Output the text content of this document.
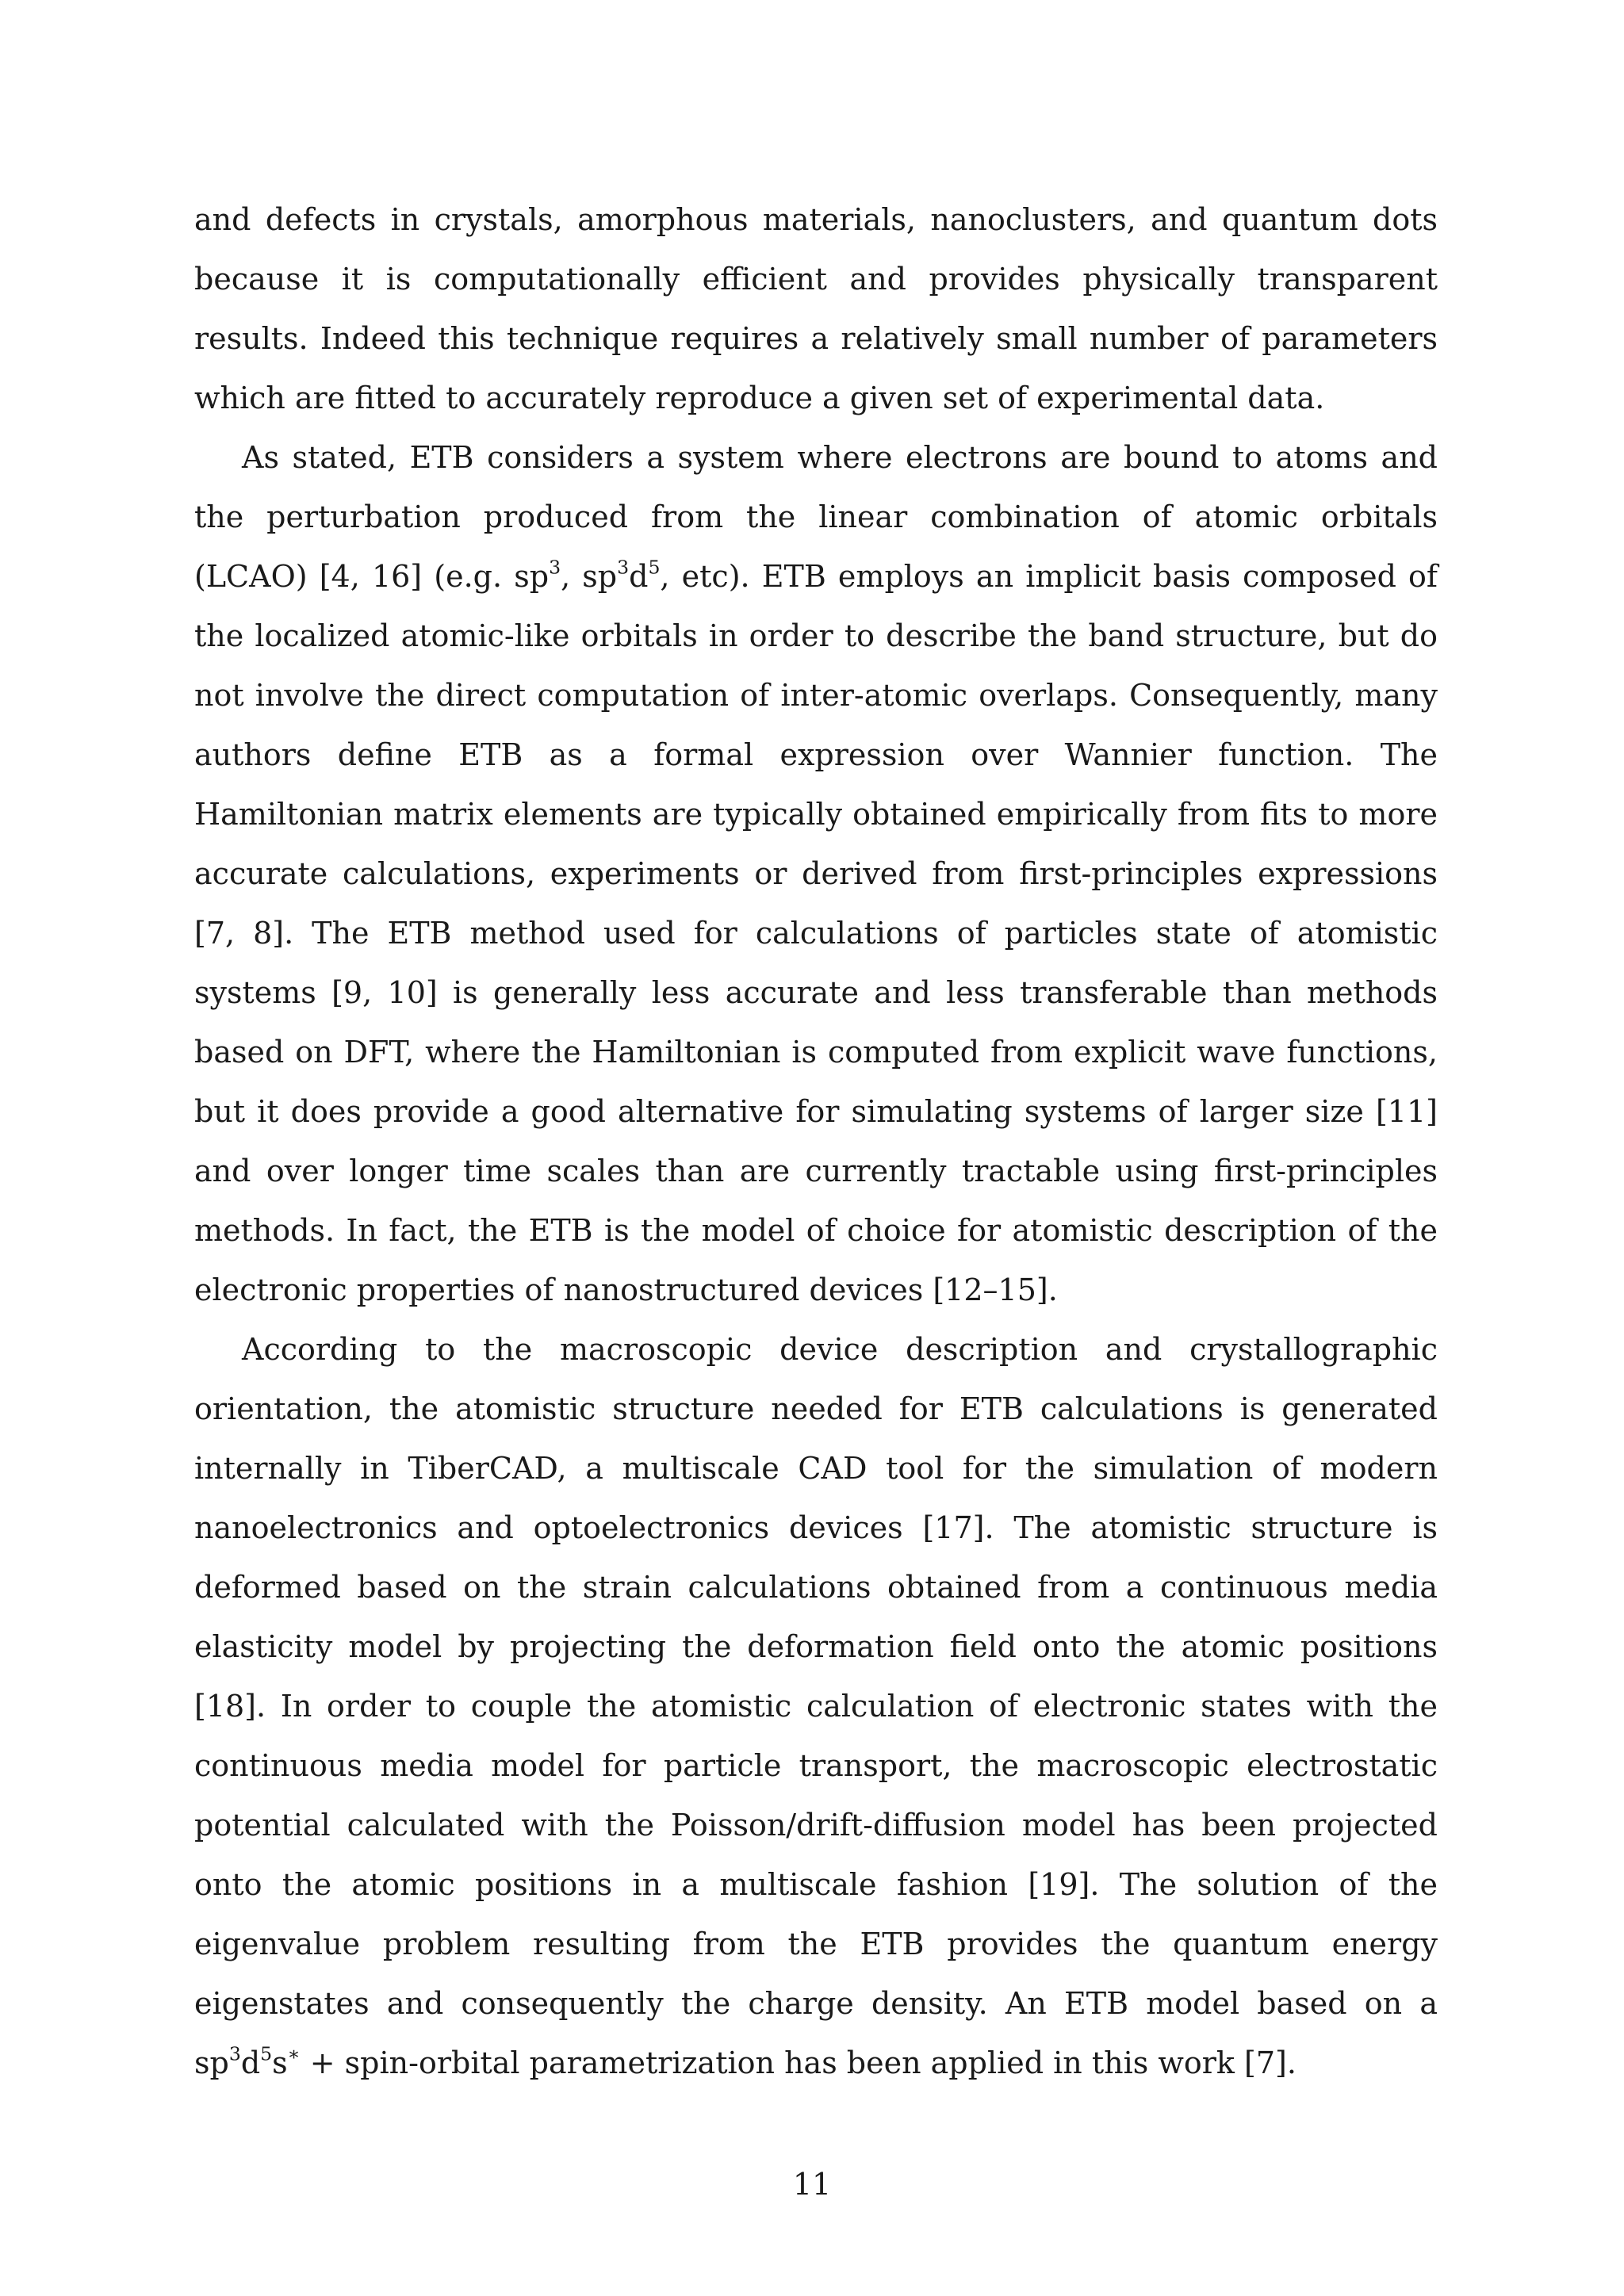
and defects in crystals, amorphous materials, nanoclusters, and quantum dots because it is computationally efficient and provides physically transparent results. Indeed this technique requires a relatively small number of parameters which are fitted to accurately reproduce a given set of experimental data.

As stated, ETB considers a system where electrons are bound to atoms and the perturbation produced from the linear combination of atomic orbitals (LCAO) [4, 16] (e.g. $sp^3$, $sp^3d^5$, etc). ETB employs an implicit basis composed of the localized atomic-like orbitals in order to describe the band structure, but do not involve the direct computation of inter-atomic overlaps. Consequently, many authors define ETB as a formal expression over Wannier function. The Hamiltonian matrix elements are typically obtained empirically from fits to more accurate calculations, experiments or derived from first-principles expressions [7, 8]. The ETB method used for calculations of particles state of atomistic systems [9, 10] is generally less accurate and less transferable than methods based on DFT, where the Hamiltonian is computed from explicit wave functions, but it does provide a good alternative for simulating systems of larger size [11] and over longer time scales than are currently tractable using first-principles methods. In fact, the ETB is the model of choice for atomistic description of the electronic properties of nanostructured devices [12–15].

According to the macroscopic device description and crystallographic orientation, the atomistic structure needed for ETB calculations is generated internally in TiberCAD, a multiscale CAD tool for the simulation of modern nanoelectronics and optoelectronics devices [17]. The atomistic structure is deformed based on the strain calculations obtained from a continuous media elasticity model by projecting the deformation field onto the atomic positions [18]. In order to couple the atomistic calculation of electronic states with the continuous media model for particle transport, the macroscopic electrostatic potential calculated with the Poisson/drift-diffusion model has been projected onto the atomic positions in a multiscale fashion [19]. The solution of the eigenvalue problem resulting from the ETB provides the quantum energy eigenstates and consequently the charge density. An ETB model based on a $sp^3d^5s^∗$ + spin-orbital parametrization has been applied in this work [7].

11
